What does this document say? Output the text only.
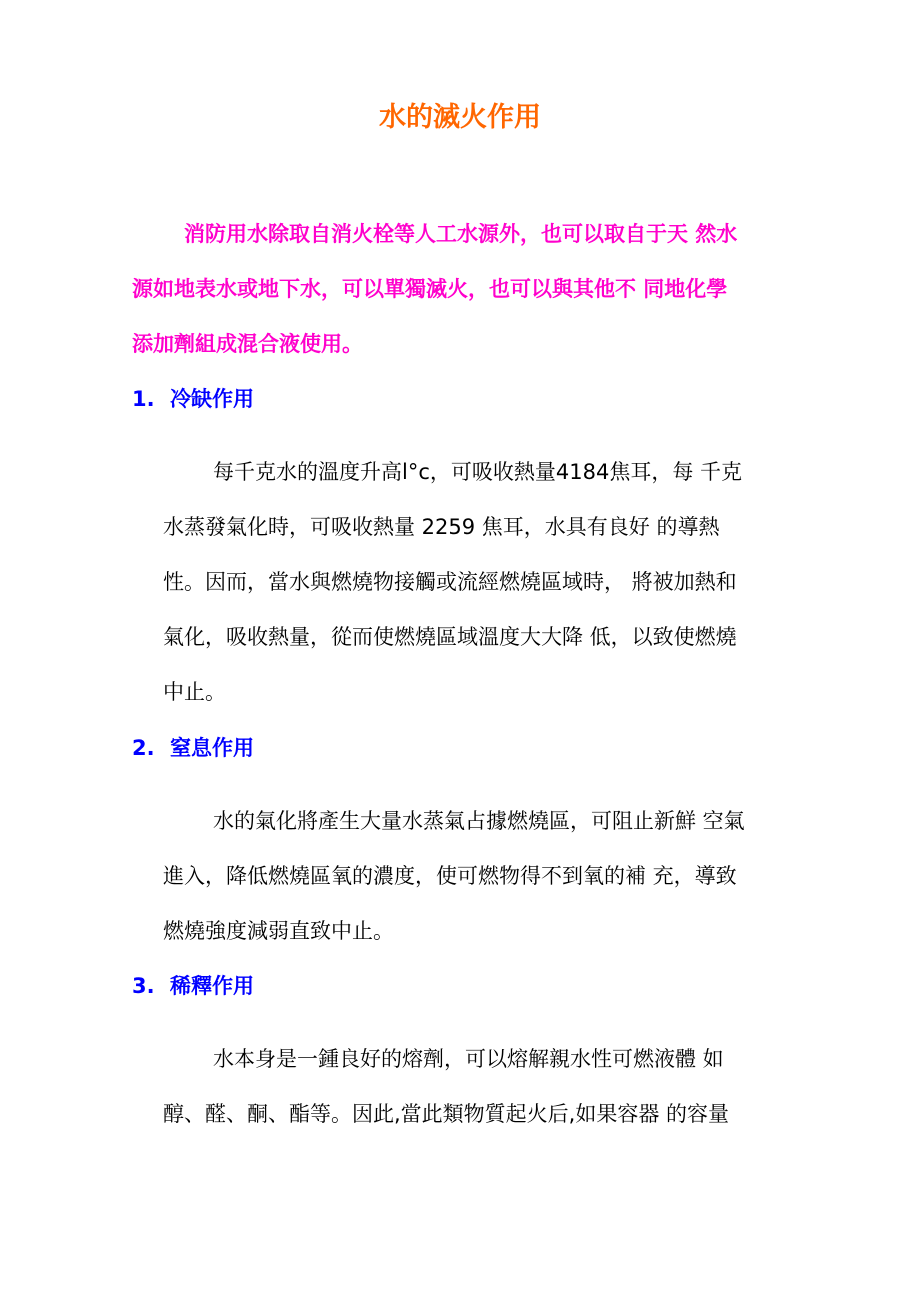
水的滅火作用
消防用水除取自消火栓等人工水源外，也可以取自于天 然水
源如地表水或地下水，可以單獨滅火，也可以與其他不 同地化學
添加劑組成混合液使用。
1. 冷缺作用
每千克水的溫度升高l°c，可吸收熱量4184焦耳，每 千克
水蒸發氣化時，可吸收熱量 2259 焦耳，水具有良好 的導熱
性。因而，當水與燃燒物接觸或流經燃燒區域時， 將被加熱和
氣化，吸收熱量，從而使燃燒區域溫度大大降 低，以致使燃燒
中止。
2. 窒息作用
水的氣化將產生大量水蒸氣占據燃燒區，可阻止新鮮 空氣
進入，降低燃燒區氧的濃度，使可燃物得不到氧的補 充，導致
燃燒強度減弱直致中止。
3. 稀釋作用
水本身是一鍾良好的熔劑，可以熔解親水性可燃液體 如
醇、醛、酮、酯等。因此,當此類物質起火后,如果容器 的容量
